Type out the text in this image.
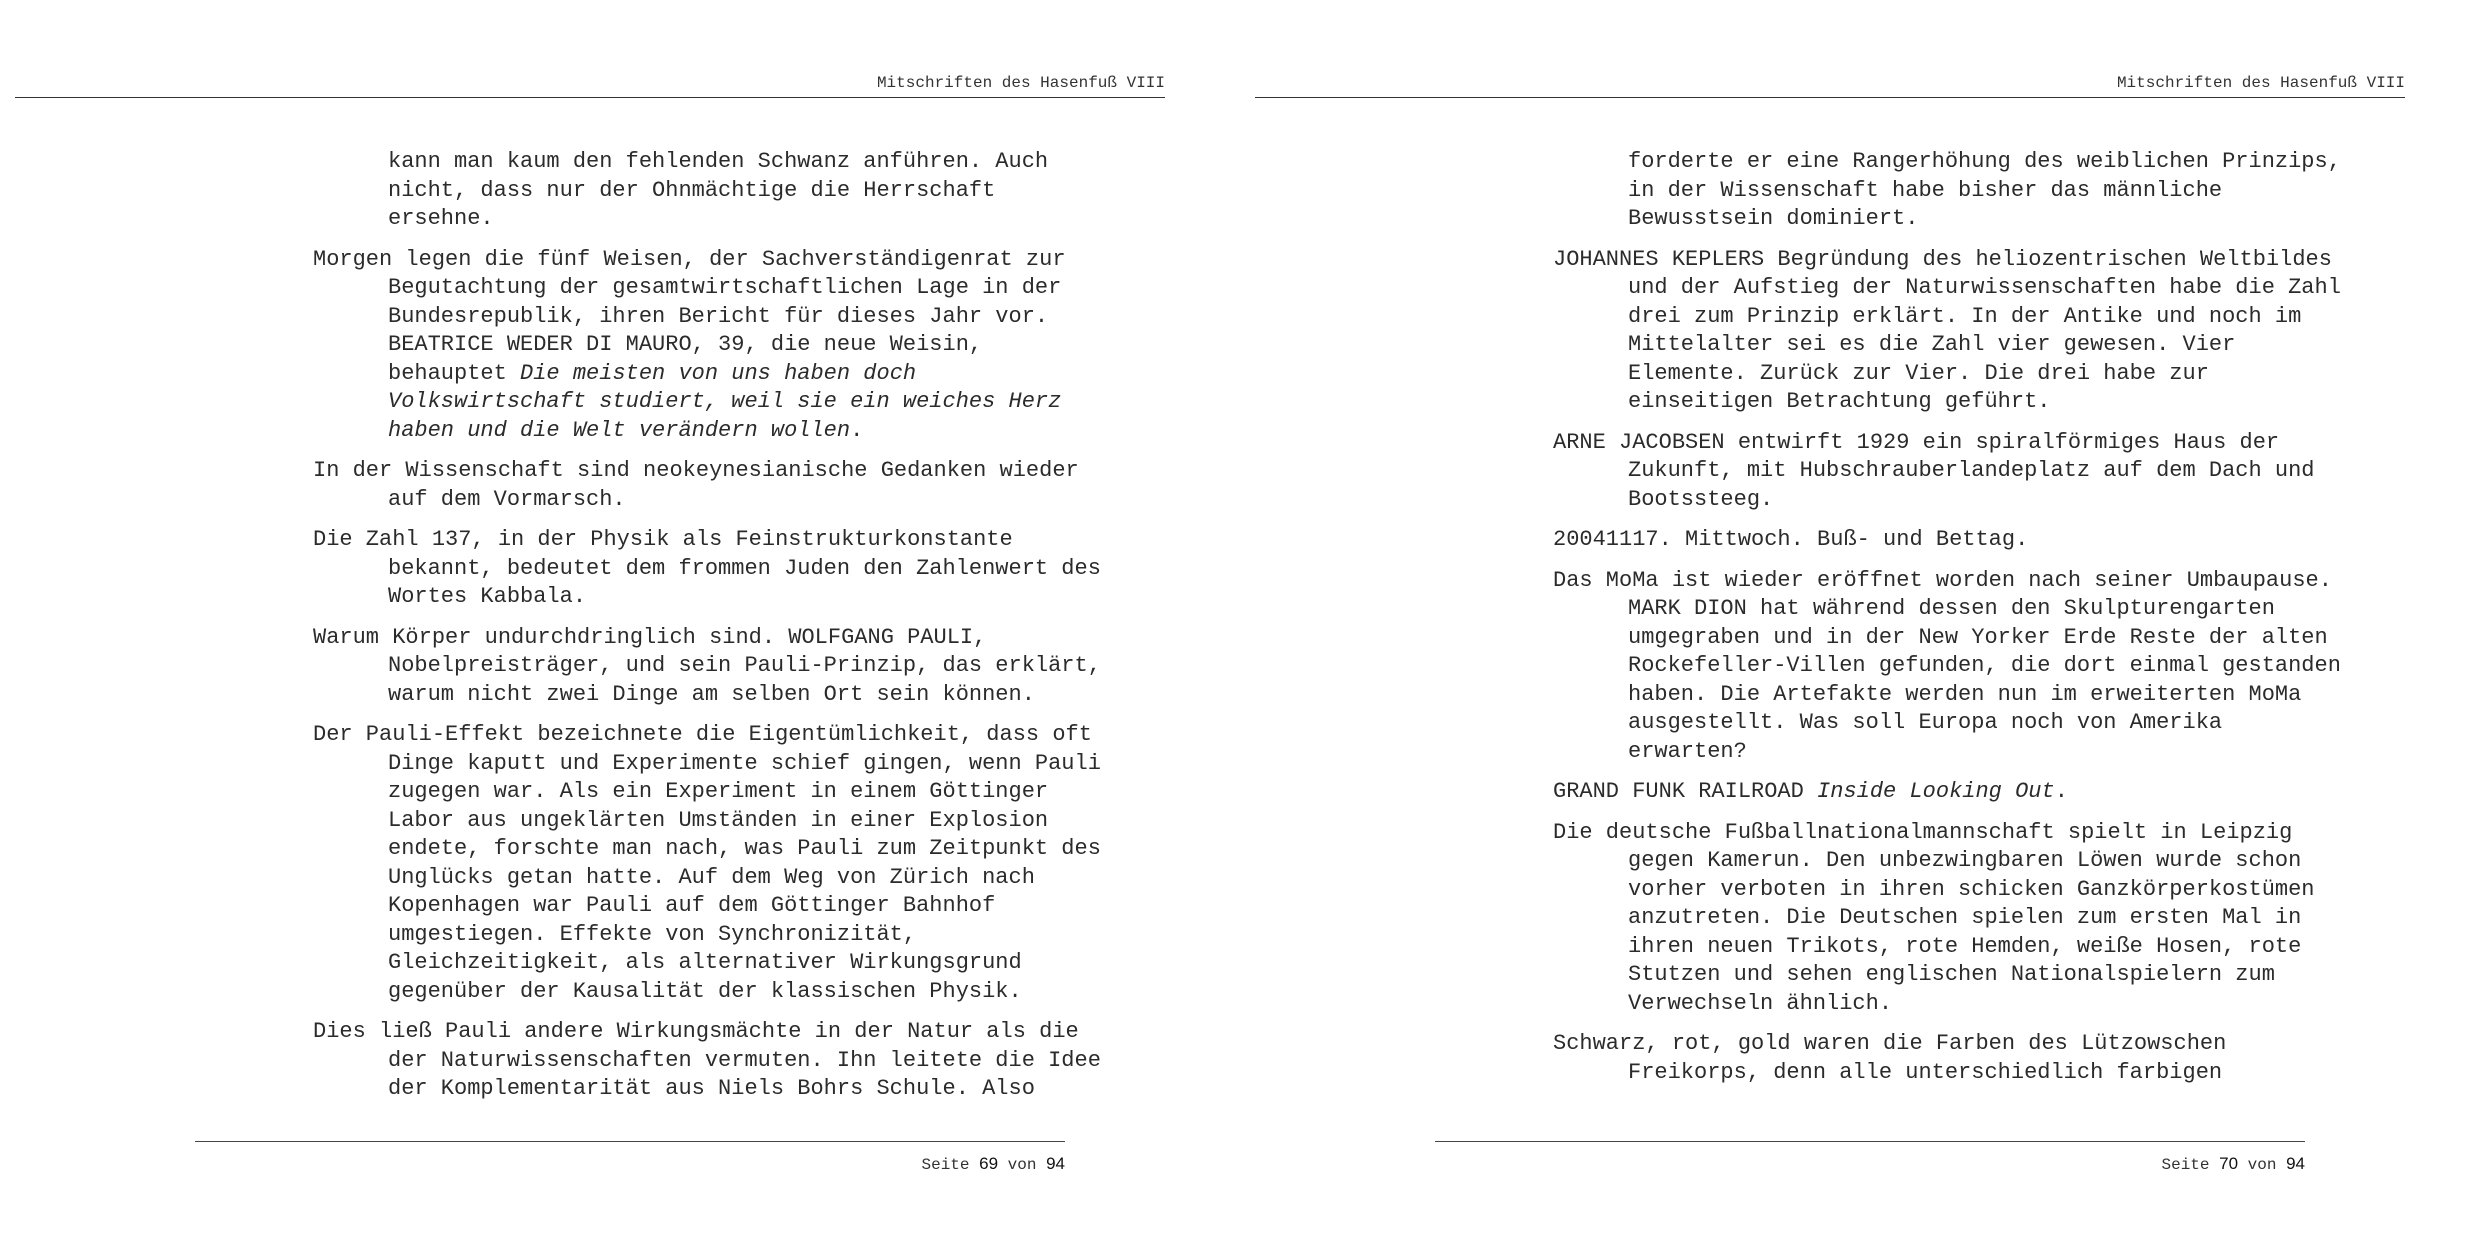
Mitschriften des Hasenfuß VIII

kann man kaum den fehlenden Schwanz anführen. Auch nicht, dass nur der Ohnmächtige die Herrschaft ersehne.

Morgen legen die fünf Weisen, der Sachverständigenrat zur Begutachtung der gesamtwirtschaftlichen Lage in der Bundesrepublik, ihren Bericht für dieses Jahr vor. BEATRICE WEDER DI MAURO, 39, die neue Weisin, behauptet Die meisten von uns haben doch Volkswirtschaft studiert, weil sie ein weiches Herz haben und die Welt verändern wollen.

In der Wissenschaft sind neokeynesianische Gedanken wieder auf dem Vormarsch.

Die Zahl 137, in der Physik als Feinstrukturkonstante bekannt, bedeutet dem frommen Juden den Zahlenwert des Wortes Kabbala.

Warum Körper undurchdringlich sind. WOLFGANG PAULI, Nobelpreisträger, und sein Pauli-Prinzip, das erklärt, warum nicht zwei Dinge am selben Ort sein können.

Der Pauli-Effekt bezeichnete die Eigentümlichkeit, dass oft Dinge kaputt und Experimente schief gingen, wenn Pauli zugegen war. Als ein Experiment in einem Göttinger Labor aus ungeklärten Umständen in einer Explosion endete, forschte man nach, was Pauli zum Zeitpunkt des Unglücks getan hatte. Auf dem Weg von Zürich nach Kopenhagen war Pauli auf dem Göttinger Bahnhof umgestiegen. Effekte von Synchronizität, Gleichzeitigkeit, als alternativer Wirkungsgrund gegenüber der Kausalität der klassischen Physik.

Dies ließ Pauli andere Wirkungsmächte in der Natur als die der Naturwissenschaften vermuten. Ihn leitete die Idee der Komplementarität aus Niels Bohrs Schule. Also

Seite 69 von 94
Mitschriften des Hasenfuß VIII

forderte er eine Rangerhöhung des weiblichen Prinzips, in der Wissenschaft habe bisher das männliche Bewusstsein dominiert.

JOHANNES KEPLERS Begründung des heliozentrischen Weltbildes und der Aufstieg der Naturwissenschaften habe die Zahl drei zum Prinzip erklärt. In der Antike und noch im Mittelalter sei es die Zahl vier gewesen. Vier Elemente. Zurück zur Vier. Die drei habe zur einseitigen Betrachtung geführt.

ARNE JACOBSEN entwirft 1929 ein spiralförmiges Haus der Zukunft, mit Hubschrauberlandeplatz auf dem Dach und Bootssteeg.

20041117. Mittwoch. Buß- und Bettag.

Das MoMa ist wieder eröffnet worden nach seiner Umbaupause. MARK DION hat während dessen den Skulpturengarten umgegraben und in der New Yorker Erde Reste der alten Rockefeller-Villen gefunden, die dort einmal gestanden haben. Die Artefakte werden nun im erweiterten MoMa ausgestellt. Was soll Europa noch von Amerika erwarten?

GRAND FUNK RAILROAD Inside Looking Out.

Die deutsche Fußballnationalmannschaft spielt in Leipzig gegen Kamerun. Den unbezwingbaren Löwen wurde schon vorher verboten in ihren schicken Ganzkörperkostümen anzutreten. Die Deutschen spielen zum ersten Mal in ihren neuen Trikots, rote Hemden, weiße Hosen, rote Stutzen und sehen englischen Nationalspielern zum Verwechseln ähnlich.

Schwarz, rot, gold waren die Farben des Lützowschen Freikorps, denn alle unterschiedlich farbigen

Seite 70 von 94
